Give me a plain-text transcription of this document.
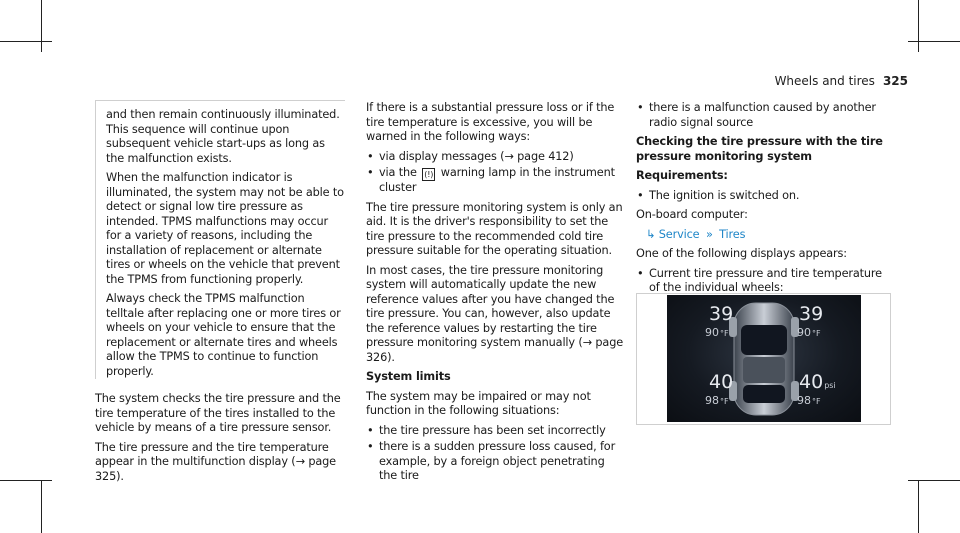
Wheels and tires 325

and then remain continuously illuminated. This sequence will continue upon subsequent vehicle start-ups as long as the malfunction exists.

When the malfunction indicator is illuminated, the system may not be able to detect or signal low tire pressure as intended. TPMS malfunctions may occur for a variety of reasons, including the installation of replacement or alternate tires or wheels on the vehicle that prevent the TPMS from functioning properly.

Always check the TPMS malfunction telltale after replacing one or more tires or wheels on your vehicle to ensure that the replacement or alternate tires and wheels allow the TPMS to continue to function properly.

The system checks the tire pressure and the tire temperature of the tires installed to the vehicle by means of a tire pressure sensor.

The tire pressure and the tire temperature appear in the multifunction display (→ page 325).

If there is a substantial pressure loss or if the tire temperature is excessive, you will be warned in the following ways:

• via display messages (→ page 412)
• via the (!) warning lamp in the instrument cluster

The tire pressure monitoring system is only an aid. It is the driver's responsibility to set the tire pressure to the recommended cold tire pressure suitable for the operating situation.

In most cases, the tire pressure monitoring system will automatically update the new reference values after you have changed the tire pressure. You can, however, also update the reference values by restarting the tire pressure monitoring system manually (→ page 326).

System limits

The system may be impaired or may not function in the following situations:

• the tire pressure has been set incorrectly
• there is a sudden pressure loss caused, for example, by a foreign object penetrating the tire
• there is a malfunction caused by another radio signal source

Checking the tire pressure with the tire pressure monitoring system

Requirements:

• The ignition is switched on.

On-board computer:

↳ Service » Tires

One of the following displays appears:

• Current tire pressure and tire temperature of the individual wheels:
39
90°F
39
90°F
40
98°F
40psi
98°F
